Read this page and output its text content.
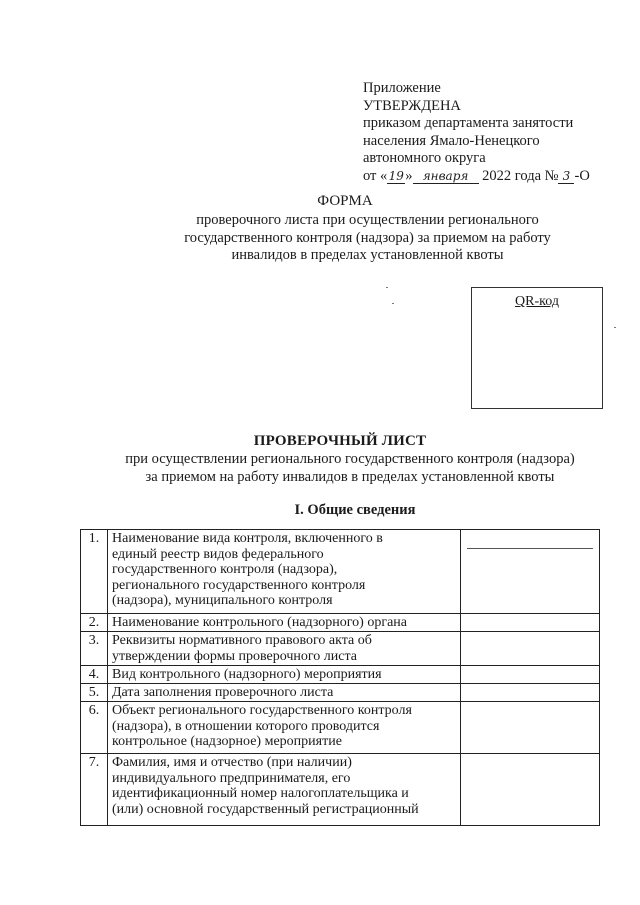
Приложение
УТВЕРЖДЕНА
приказом департамента занятости
населения Ямало-Ненецкого
автономного округа
от «19» января 2022 года № 3 -О
ФОРМА
проверочного листа при осуществлении регионального государственного контроля (надзора) за приемом на работу инвалидов в пределах установленной квоты
QR-код
ПРОВЕРОЧНЫЙ ЛИСТ
при осуществлении регионального государственного контроля (надзора) за приемом на работу инвалидов в пределах установленной квоты
I. Общие сведения
1.	Наименование вида контроля, включенного в
единый реестр видов федерального
государственного контроля (надзора),
регионального государственного контроля
(надзора), муниципального контроля	

2.	Наименование контрольного (надзорного) органа	

3.	Реквизиты нормативного правового акта об
утверждении формы проверочного листа	

4.	Вид контрольного (надзорного) мероприятия	

5.	Дата заполнения проверочного листа	

6.	Объект регионального государственного контроля
(надзора), в отношении которого проводится
контрольное (надзорное) мероприятие	

7.	Фамилия, имя и отчество (при наличии)
индивидуального предпринимателя, его
идентификационный номер налогоплательщика и
(или) основной государственный регистрационный	
